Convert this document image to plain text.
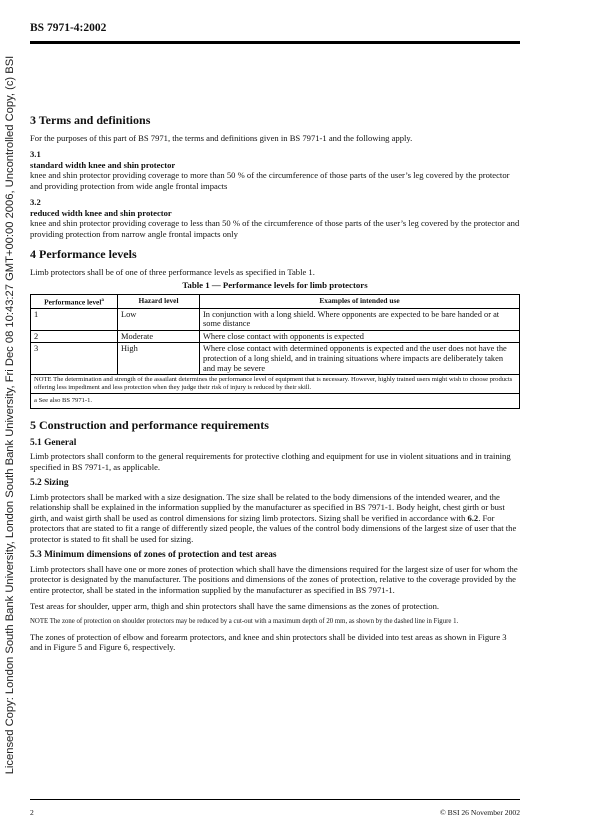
Licensed Copy: London South Bank University, London South Bank University, Fri Dec 08 10:43:27 GMT+00:00 2006, Uncontrolled Copy, (c) BSI
BS 7971-4:2002
3 Terms and definitions

For the purposes of this part of BS 7971, the terms and definitions given in BS 7971-1 and the following apply.

3.1

standard width knee and shin protector

knee and shin protector providing coverage to more than 50 % of the circumference of those parts of the user’s leg covered by the protector and providing protection from wide angle frontal impacts

3.2

reduced width knee and shin protector

knee and shin protector providing coverage to less than 50 % of the circumference of those parts of the user’s leg covered by the protector and providing protection from narrow angle frontal impacts only

4 Performance levels

Limb protectors shall be of one of three performance levels as specified in Table 1.

Table 1 — Performance levels for limb protectors
Performance level$^a$	Hazard level	Examples of intended use
1	Low	In conjunction with a long shield. Where opponents are expected to be bare handed or at some distance
2	Moderate	Where close contact with opponents is expected
3	High	Where close contact with determined opponents is expected and the user does not have the protection of a long shield, and in training situations where impacts are deliberately taken and may be severe
NOTE The determination and strength of the assailant determines the performance level of equipment that is necessary. However, highly trained users might wish to choose products offering less impediment and less protection when they judge their risk of injury is reduced by their skill.		
a See also BS 7971-1.		
5 Construction and performance requirements
5.1 General

Limb protectors shall conform to the general requirements for protective clothing and equipment for use in violent situations and in training specified in BS 7971-1, as applicable.

5.2 Sizing

Limb protectors shall be marked with a size designation. The size shall be related to the body dimensions of the intended wearer, and the relationship shall be explained in the information supplied by the manufacturer as specified in BS 7971-1. Body height, chest girth or bust girth, and waist girth shall be used as control dimensions for sizing limb protectors. Sizing shall be verified in accordance with 6.2. For protectors that are stated to fit a range of differently sized people, the values of the control body dimensions of the largest size of user that the protector is stated to fit shall be used for sizing.

5.3 Minimum dimensions of zones of protection and test areas

Limb protectors shall have one or more zones of protection which shall have the dimensions required for the largest size of user for whom the protector is designated by the manufacturer. The positions and dimensions of the zones of protection, relative to the coverage provided by the entire protector, shall be stated in the information supplied by the manufacturer as specified in BS 7971-1.

Test areas for shoulder, upper arm, thigh and shin protectors shall have the same dimensions as the zones of protection.

NOTE The zone of protection on shoulder protectors may be reduced by a cut-out with a maximum depth of 20 mm, as shown by the dashed line in Figure 1.

The zones of protection of elbow and forearm protectors, and knee and shin protectors shall be divided into test areas as shown in Figure 3 and in Figure 5 and Figure 6, respectively.

2	© BSI 26 November 2002
